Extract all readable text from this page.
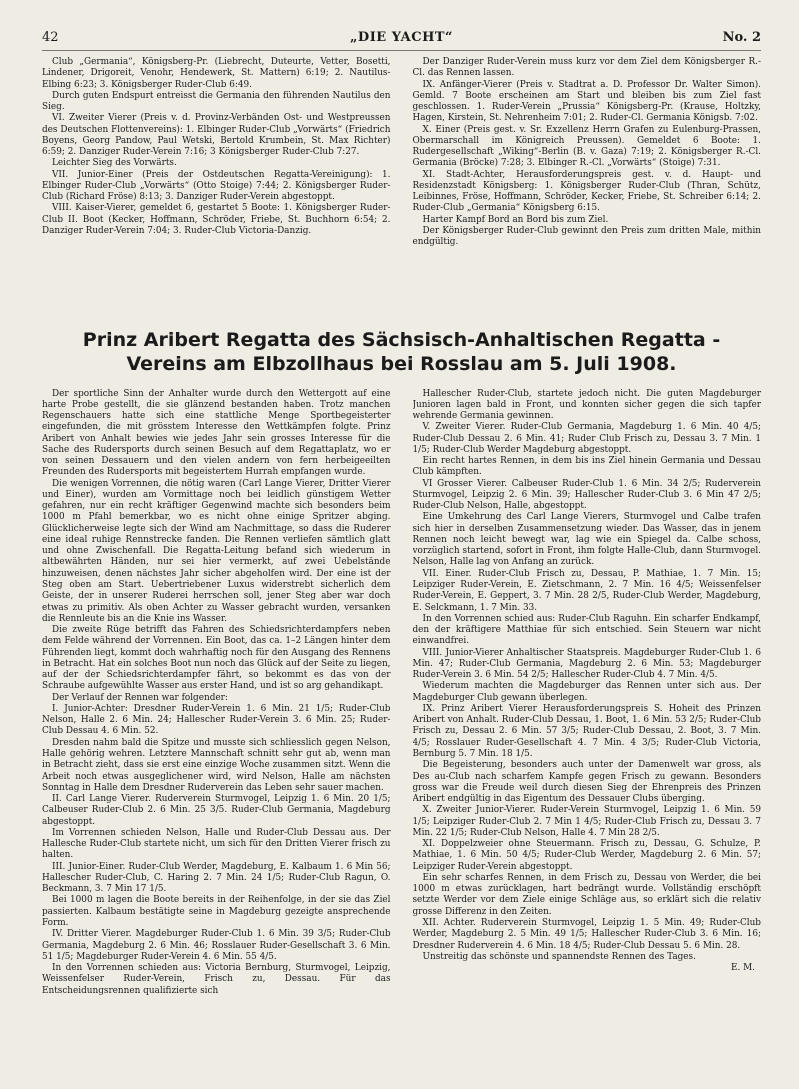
42	„DIE YACHT“	No. 2

Club „Germania“, Königsberg-Pr. (Liebrecht, Duteurte, Vetter, Bosetti, Lindener, Drigoreit, Venohr, Hendewerk, St. Mattern) 6:19; 2. Nautilus-Elbing 6:23; 3. Königsberger Ruder-Club 6:49.

Durch guten Endspurt entreisst die Germania den führenden Nautilus den Sieg.

VI. Zweiter Vierer (Preis v. d. Provinz-Verbänden Ost- und Westpreussen des Deutschen Flottenvereins): 1. Elbinger Ruder-Club „Vorwärts“ (Friedrich Boyens, Georg Pandow, Paul Wetski, Bertold Krumbein, St. Max Richter) 6:59; 2. Danziger Ruder-Verein 7:16; 3 Königsberger Ruder-Club 7:27.

Leichter Sieg des Vorwärts.

VII. Junior-Einer (Preis der Ostdeutschen Regatta-Vereinigung): 1. Elbinger Ruder-Club „Vorwärts“ (Otto Stoige) 7:44; 2. Königsberger Ruder-Club (Richard Fröse) 8:13; 3. Danziger Ruder-Verein abgestoppt.

VIII. Kaiser-Vierer, gemeldet 6, gestartet 5 Boote: 1. Königsberger Ruder-Club II. Boot (Kecker, Hoffmann, Schröder, Friebe, St. Buchhorn 6:54; 2. Danziger Ruder-Verein 7:04; 3. Ruder-Club Victoria-Danzig.

Der Danziger Ruder-Verein muss kurz vor dem Ziel dem Königsberger R.-Cl. das Rennen lassen.

IX. Anfänger-Vierer (Preis v. Stadtrat a. D. Professor Dr. Walter Simon). Gemld. 7 Boote erscheinen am Start und bleiben bis zum Ziel fast geschlossen. 1. Ruder-Verein „Prussia“ Königsberg-Pr. (Krause, Holtzky, Hagen, Kirstein, St. Nehrenheim 7:01; 2. Ruder-Cl. Germania Königsb. 7:02.

X. Einer (Preis gest. v. Sr. Exzellenz Herrn Grafen zu Eulenburg-Prassen, Obermarschall im Königreich Preussen). Gemeldet 6 Boote: 1. Rudergesellschaft „Wiking“-Berlin (B. v. Gaza) 7:19; 2. Königsberger R.-Cl. Germania (Bröcke) 7:28; 3. Elbinger R.-Cl. „Vorwärts“ (Stoige) 7:31.

XI. Stadt-Achter, Herausforderungspreis gest. v. d. Haupt- und Residenzstadt Königsberg: 1. Königsberger Ruder-Club (Thran, Schütz, Leibinnes, Fröse, Hoffmann, Schröder, Kecker, Friebe, St. Schreiber 6:14; 2. Ruder-Club „Germania“ Königsberg 6:15.

Harter Kampf Bord an Bord bis zum Ziel.

Der Königsberger Ruder-Club gewinnt den Preis zum dritten Male, mithin endgültig.

Prinz Aribert Regatta des Sächsisch-Anhaltischen Regatta - Vereins am Elbzollhaus bei Rosslau am 5. Juli 1908.

Der sportliche Sinn der Anhalter wurde durch den Wettergott auf eine harte Probe gestellt, die sie glänzend bestanden haben. Trotz manchen Regenschauers hatte sich eine stattliche Menge Sportbegeisterter eingefunden, die mit grösstem Interesse den Wettkämpfen folgte. Prinz Aribert von Anhalt bewies wie jedes Jahr sein grosses Interesse für die Sache des Rudersports durch seinen Besuch auf dem Regattaplatz, wo er von seinen Dessauern und den vielen andern von fern herbeigeeilten Freunden des Rudersports mit begeistertem Hurrah empfangen wurde.

Die wenigen Vorrennen, die nötig waren (Carl Lange Vierer, Dritter Vierer und Einer), wurden am Vormittage noch bei leidlich günstigem Wetter gefahren, nur ein recht kräftiger Gegenwind machte sich besonders beim 1000 m Pfahl bemerkbar, wo es nicht ohne einige Spritzer abging. Glücklicherweise legte sich der Wind am Nachmittage, so dass die Ruderer eine ideal ruhige Rennstrecke fanden. Die Rennen verliefen sämtlich glatt und ohne Zwischenfall. Die Regatta-Leitung befand sich wiederum in altbewährten Händen, nur sei hier vermerkt, auf zwei Uebelstände hinzuweisen, denen nächstes Jahr sicher abgeholfen wird. Der eine ist der Steg oben am Start. Uebertriebener Luxus widerstrebt sicherlich dem Geiste, der in unserer Ruderei herrschen soll, jener Steg aber war doch etwas zu primitiv. Als oben Achter zu Wasser gebracht wurden, versanken die Rennleute bis an die Knie ins Wasser.

Die zweite Rüge betrifft das Fahren des Schiedsrichterdampfers neben dem Felde während der Vorrennen. Ein Boot, das ca. 1–2 Längen hinter dem Führenden liegt, kommt doch wahrhaftig noch für den Ausgang des Rennens in Betracht. Hat ein solches Boot nun noch das Glück auf der Seite zu liegen, auf der der Schiedsrichterdampfer fährt, so bekommt es das von der Schraube aufgewühlte Wasser aus erster Hand, und ist so arg gehandikapt.

Der Verlauf der Rennen war folgender:

I. Junior-Achter: Dresdner Ruder-Verein 1. 6 Min. 21 1/5; Ruder-Club Nelson, Halle 2. 6 Min. 24; Hallescher Ruder-Verein 3. 6 Min. 25; Ruder-Club Dessau 4. 6 Min. 52.

Dresden nahm bald die Spitze und musste sich schliesslich gegen Nelson, Halle gehörig wehren. Letztere Mannschaft schnitt sehr gut ab, wenn man in Betracht zieht, dass sie erst eine einzige Woche zusammen sitzt. Wenn die Arbeit noch etwas ausgeglichener wird, wird Nelson, Halle am nächsten Sonntag in Halle dem Dresdner Ruderverein das Leben sehr sauer machen.

II. Carl Lange Vierer. Ruderverein Sturmvogel, Leipzig 1. 6 Min. 20 1/5; Calbeuser Ruder-Club 2. 6 Min. 25 3/5. Ruder-Club Germania, Magdeburg abgestoppt.

Im Vorrennen schieden Nelson, Halle und Ruder-Club Dessau aus. Der Hallesche Ruder-Club startete nicht, um sich für den Dritten Vierer frisch zu halten.

III. Junior-Einer. Ruder-Club Werder, Magdeburg, E. Kalbaum 1. 6 Min 56; Hallescher Ruder-Club, C. Haring 2. 7 Min. 24 1/5; Ruder-Club Ragun, O. Beckmann, 3. 7 Min 17 1/5.

Bei 1000 m lagen die Boote bereits in der Reihenfolge, in der sie das Ziel passierten. Kalbaum bestätigte seine in Magdeburg gezeigte ansprechende Form.

IV. Dritter Vierer. Magdeburger Ruder-Club 1. 6 Min. 39 3/5; Ruder-Club Germania, Magdeburg 2. 6 Min. 46; Rosslauer Ruder-Gesellschaft 3. 6 Min. 51 1/5; Magdeburger Ruder-Verein 4. 6 Min. 55 4/5.

In den Vorrennen schieden aus: Victoria Bernburg, Sturmvogel, Leipzig, Weissenfelser Ruder-Verein, Frisch zu, Dessau. Für das Entscheidungsrennen qualifizierte sich

Hallescher Ruder-Club, startete jedoch nicht. Die guten Magdeburger Junioren lagen bald in Front, und konnten sicher gegen die sich tapfer wehrende Germania gewinnen.

V. Zweiter Vierer. Ruder-Club Germania, Magdeburg 1. 6 Min. 40 4/5; Ruder-Club Dessau 2. 6 Min. 41; Ruder Club Frisch zu, Dessau 3. 7 Min. 1 1/5; Ruder-Club Werder Magdeburg abgestoppt.

Ein recht hartes Rennen, in dem bis ins Ziel hinein Germania und Dessau Club kämpften.

VI Grosser Vierer. Calbeuser Ruder-Club 1. 6 Min. 34 2/5; Ruderverein Sturmvogel, Leipzig 2. 6 Min. 39; Hallescher Ruder-Club 3. 6 Min 47 2/5; Ruder-Club Nelson, Halle, abgestoppt.

Eine Umkehrung des Carl Lange Vierers, Sturmvogel und Calbe trafen sich hier in derselben Zusammensetzung wieder. Das Wasser, das in jenem Rennen noch leicht bewegt war, lag wie ein Spiegel da. Calbe schoss, vorzüglich startend, sofort in Front, ihm folgte Halle-Club, dann Sturmvogel. Nelson, Halle lag von Anfang an zurück.

VII. Einer. Ruder-Club Frisch zu, Dessau, P. Mathiae, 1. 7 Min. 15; Leipziger Ruder-Verein, E. Zietschmann, 2. 7 Min. 16 4/5; Weissenfelser Ruder-Verein, E. Geppert, 3. 7 Min. 28 2/5, Ruder-Club Werder, Magdeburg, E. Selckmann, 1. 7 Min. 33.

In den Vorrennen schied aus: Ruder-Club Raguhn. Ein scharfer Endkampf, den der kräftigere Matthiae für sich entschied. Sein Steuern war nicht einwandfrei.

VIII. Junior-Vierer Anhaltischer Staatspreis. Magdeburger Ruder-Club 1. 6 Min. 47; Ruder-Club Germania, Magdeburg 2. 6 Min. 53; Magdeburger Ruder-Verein 3. 6 Min. 54 2/5; Hallescher Ruder-Club 4. 7 Min. 4/5.

Wiederum machten die Magdeburger das Rennen unter sich aus. Der Magdeburger Club gewann überlegen.

IX. Prinz Aribert Vierer Herausforderungspreis S. Hoheit des Prinzen Aribert von Anhalt. Ruder-Club Dessau, 1. Boot, 1. 6 Min. 53 2/5; Ruder-Club Frisch zu, Dessau 2. 6 Min. 57 3/5; Ruder-Club Dessau, 2. Boot, 3. 7 Min. 4/5; Rosslauer Ruder-Gesellschaft 4. 7 Min. 4 3/5; Ruder-Club Victoria, Bernburg 5. 7 Min. 18 1/5.

Die Begeisterung, besonders auch unter der Damenwelt war gross, als Des au-Club nach scharfem Kampfe gegen Frisch zu gewann. Besonders gross war die Freude weil durch diesen Sieg der Ehrenpreis des Prinzen Aribert endgültig in das Eigentum des Dessauer Clubs überging.

X. Zweiter Junior-Vierer. Ruder-Verein Sturmvogel, Leipzig 1. 6 Min. 59 1/5; Leipziger Ruder-Club 2. 7 Min 1 4/5; Ruder-Club Frisch zu, Dessau 3. 7 Min. 22 1/5; Ruder-Club Nelson, Halle 4. 7 Min 28 2/5.

XI. Doppelzweier ohne Steuermann. Frisch zu, Dessau, G. Schulze, P. Mathiae, 1. 6 Min. 50 4/5; Ruder-Club Werder, Magdeburg 2. 6 Min. 57; Leipziger Ruder-Verein abgestoppt.

Ein sehr scharfes Rennen, in dem Frisch zu, Dessau von Werder, die bei 1000 m etwas zurücklagen, hart bedrängt wurde. Vollständig erschöpft setzte Werder vor dem Ziele einige Schläge aus, so erklärt sich die relativ grosse Differenz in den Zeiten.

XII. Achter. Ruderverein Sturmvogel, Leipzig 1. 5 Min. 49; Ruder-Club Werder, Magdeburg 2. 5 Min. 49 1/5; Hallescher Ruder-Club 3. 6 Min. 16; Dresdner Ruderverein 4. 6 Min. 18 4/5; Ruder-Club Dessau 5. 6 Min. 28.

Unstreitig das schönste und spannendste Rennen des Tages.

E. M.
